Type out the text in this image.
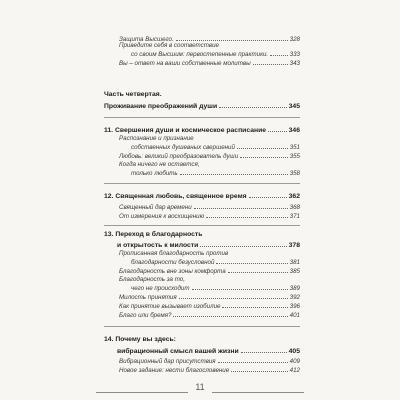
Защита Высшего.	328
Приведите себя в соответствие
со своим Высшим: первостепенные практики.	333
Вы – ответ на ваши собственные молитвы	343
Часть четвертая.
Проживание преображений души	345
11. Свершения души и космическое расписание	346
Распознание и признание
собственных душевных свершений	351
Любовь: великий преобразователь души	355
Когда ничего не остается,
только любить	358
12. Священная любовь, священное время	362
Священный дар времени	368
От измерения к восхищению	371
13. Переход в благодарность
и открытость к милости	378
Прописанная благодарность против
благодарности безусловной	381
Благодарность вне зоны комфорта	385
Благодарность за то,
чего не происходит	389
Милость принятия	392
Как принятие вызывает изобилие	396
Благо или бремя?	401
14. Почему вы здесь:
вибрационный смысл вашей жизни	405
Вибрационный дар присутствия	409
Новое задание: нести благословение	412
11
